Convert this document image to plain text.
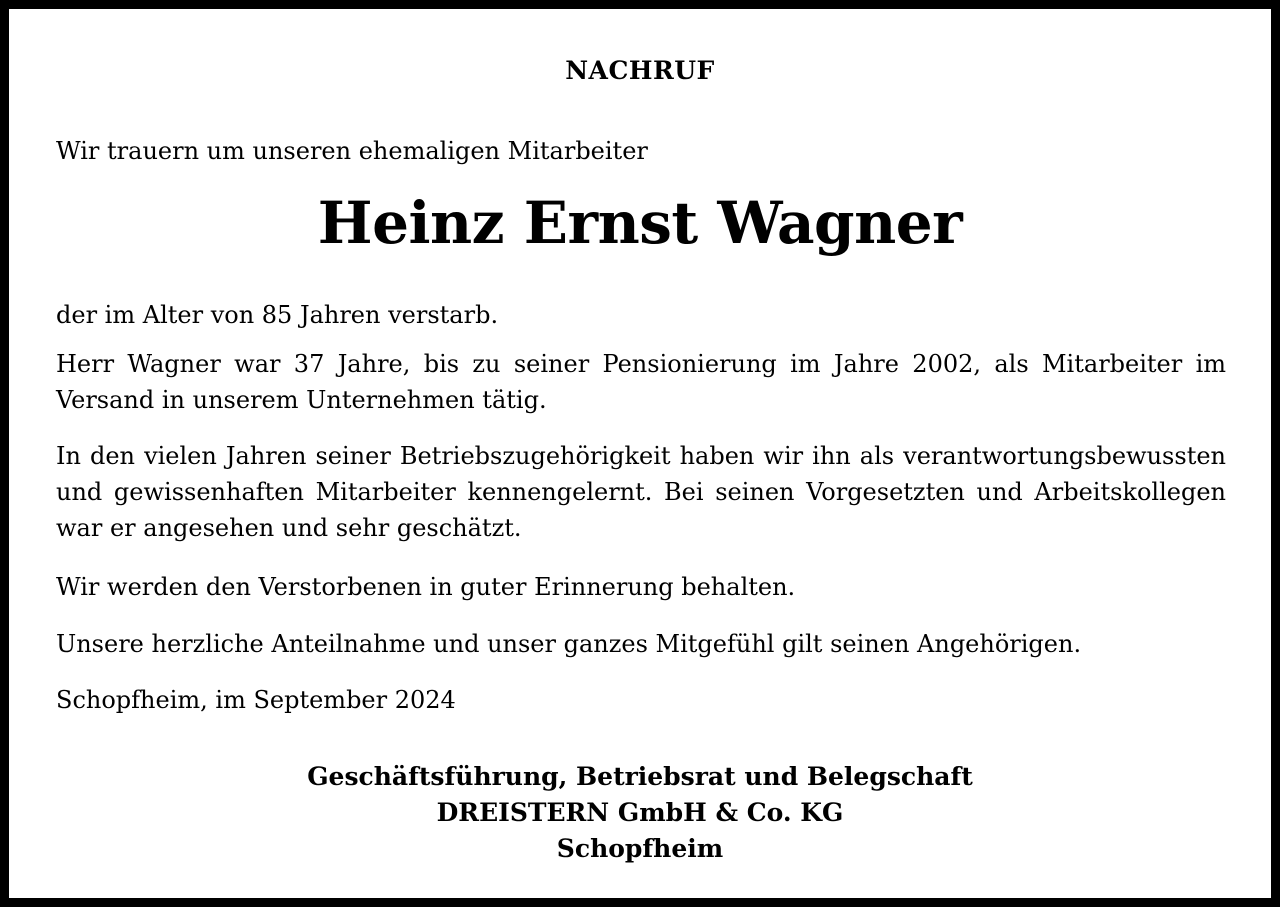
NACHRUF

Wir trauern um unseren ehemaligen Mitarbeiter

Heinz Ernst Wagner

der im Alter von 85 Jahren verstarb.

Herr Wagner war 37 Jahre, bis zu seiner Pensionierung im Jahre 2002, als Mitarbeiter im Versand in unserem Unternehmen tätig.

In den vielen Jahren seiner Betriebszugehörigkeit haben wir ihn als verantwortungsbewussten und gewissenhaften Mitarbeiter kennengelernt. Bei seinen Vorgesetzten und Arbeitskollegen war er angesehen und sehr geschätzt.

Wir werden den Verstorbenen in guter Erinnerung behalten.

Unsere herzliche Anteilnahme und unser ganzes Mitgefühl gilt seinen Angehörigen.

Schopfheim, im September 2024

Geschäftsführung, Betriebsrat und Belegschaft
DREISTERN GmbH & Co. KG
Schopfheim
